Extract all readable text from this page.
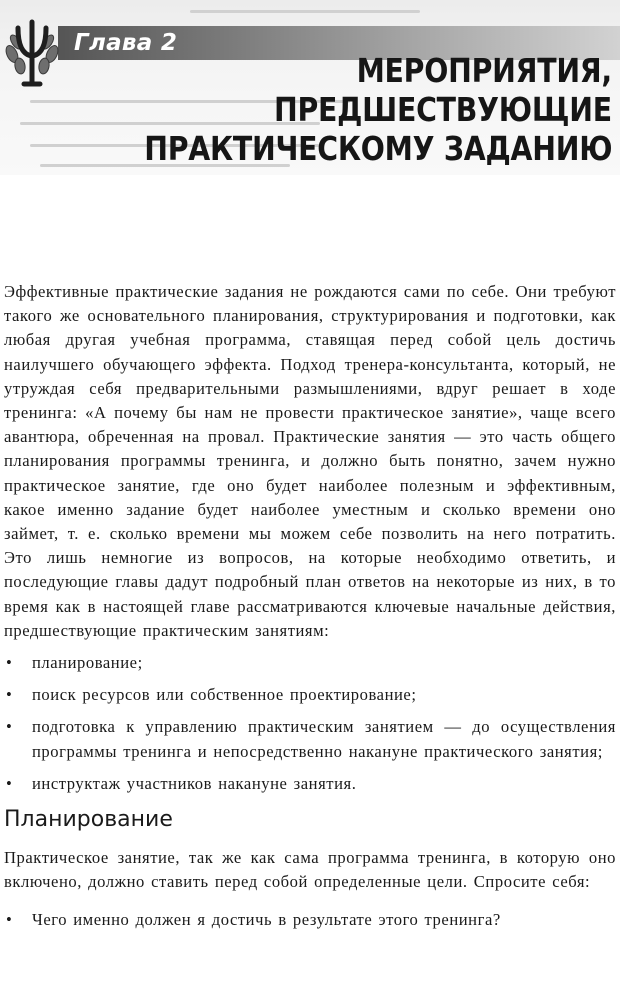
Глава 2
МЕРОПРИЯТИЯ,
ПРЕДШЕСТВУЮЩИЕ
ПРАКТИЧЕСКОМУ ЗАДАНИЮ

Эффективные практические задания не рождаются сами по себе. Они требуют такого же основательного планирования, структурирования и подготовки, как любая другая учебная программа, ставящая перед собой цель достичь наилучшего обучающего эффекта. Подход тренера-консультанта, который, не утруждая себя предварительными размышлениями, вдруг решает в ходе тренинга: «А почему бы нам не провести практическое занятие», чаще всего авантюра, обреченная на провал. Практические занятия — это часть общего планирования программы тренинга, и должно быть понятно, зачем нужно практическое занятие, где оно будет наиболее полезным и эффективным, какое именно задание будет наиболее уместным и сколько времени оно займет, т. е. сколько времени мы можем себе позволить на него потратить. Это лишь немногие из вопросов, на которые необходимо ответить, и последующие главы дадут подробный план ответов на некоторые из них, в то время как в настоящей главе рассматриваются ключевые начальные действия, предшествующие практическим занятиям:

• планирование;
• поиск ресурсов или собственное проектирование;
• подготовка к управлению практическим занятием — до осуществления программы тренинга и непосредственно накануне практического занятия;
• инструктаж участников накануне занятия.
Планирование

Практическое занятие, так же как сама программа тренинга, в которую оно включено, должно ставить перед собой определенные цели. Спросите себя:

• Чего именно должен я достичь в результате этого тренинга?
